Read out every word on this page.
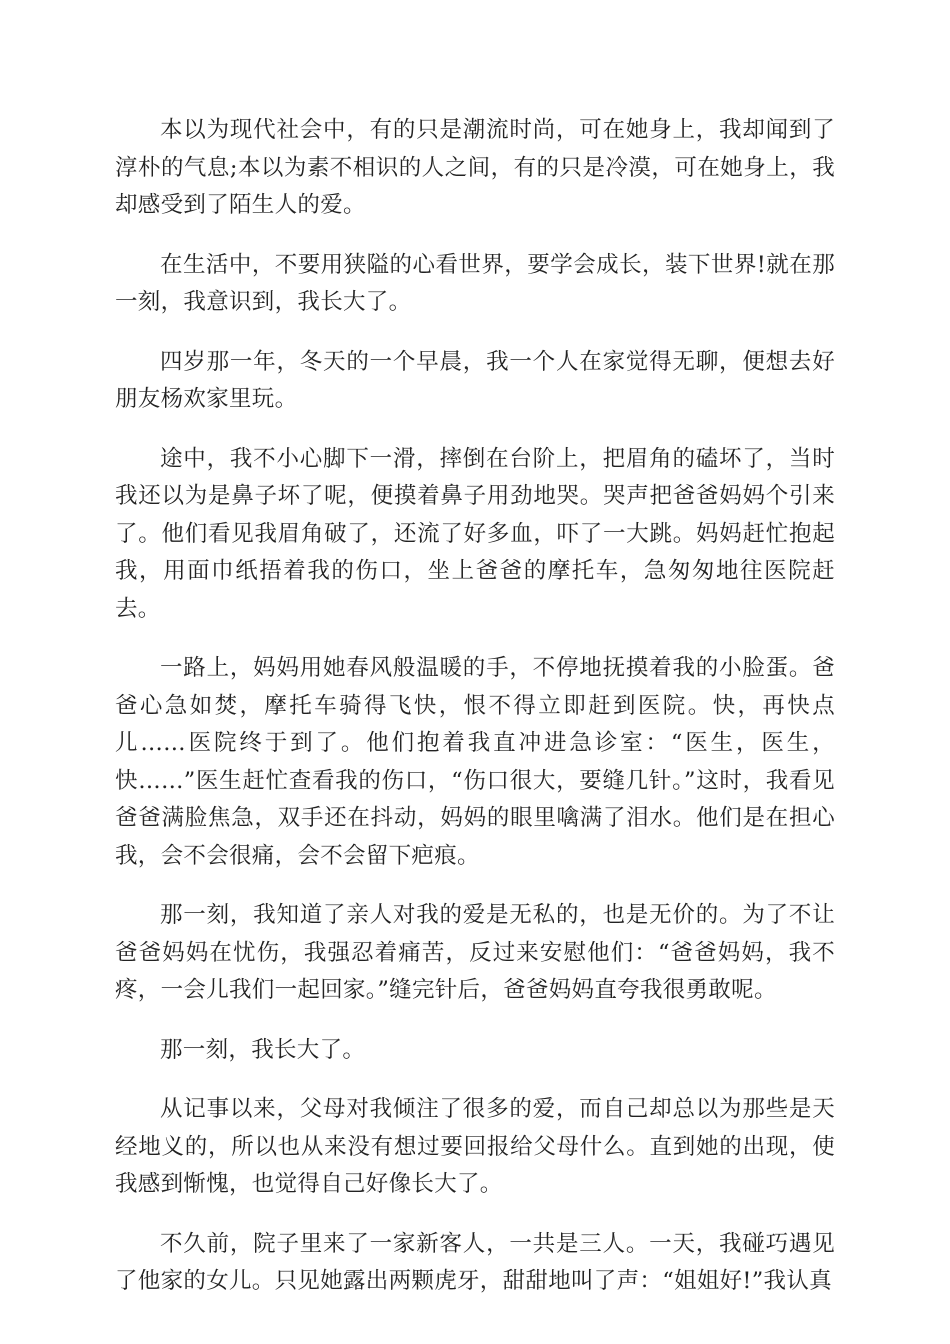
本以为现代社会中，有的只是潮流时尚，可在她身上，我却闻到了淳朴的气息;本以为素不相识的人之间，有的只是冷漠，可在她身上，我却感受到了陌生人的爱。

在生活中，不要用狭隘的心看世界，要学会成长，装下世界!就在那一刻，我意识到，我长大了。

四岁那一年，冬天的一个早晨，我一个人在家觉得无聊，便想去好朋友杨欢家里玩。

途中，我不小心脚下一滑，摔倒在台阶上，把眉角的磕坏了，当时我还以为是鼻子坏了呢，便摸着鼻子用劲地哭。哭声把爸爸妈妈个引来了。他们看见我眉角破了，还流了好多血，吓了一大跳。妈妈赶忙抱起我，用面巾纸捂着我的伤口，坐上爸爸的摩托车，急匆匆地往医院赶去。

一路上，妈妈用她春风般温暖的手，不停地抚摸着我的小脸蛋。爸爸心急如焚，摩托车骑得飞快，恨不得立即赶到医院。快，再快点儿……医院终于到了。他们抱着我直冲进急诊室：“医生，医生，快……”医生赶忙查看我的伤口，“伤口很大，要缝几针。”这时，我看见爸爸满脸焦急，双手还在抖动，妈妈的眼里噙满了泪水。他们是在担心我，会不会很痛，会不会留下疤痕。

那一刻，我知道了亲人对我的爱是无私的，也是无价的。为了不让爸爸妈妈在忧伤，我强忍着痛苦，反过来安慰他们：“爸爸妈妈，我不疼，一会儿我们一起回家。”缝完针后，爸爸妈妈直夸我很勇敢呢。

那一刻，我长大了。

从记事以来，父母对我倾注了很多的爱，而自己却总以为那些是天经地义的，所以也从来没有想过要回报给父母什么。直到她的出现，使我感到惭愧，也觉得自己好像长大了。

不久前，院子里来了一家新客人，一共是三人。一天，我碰巧遇见了他家的女儿。只见她露出两颗虎牙，甜甜地叫了声：“姐姐好!”我认真
